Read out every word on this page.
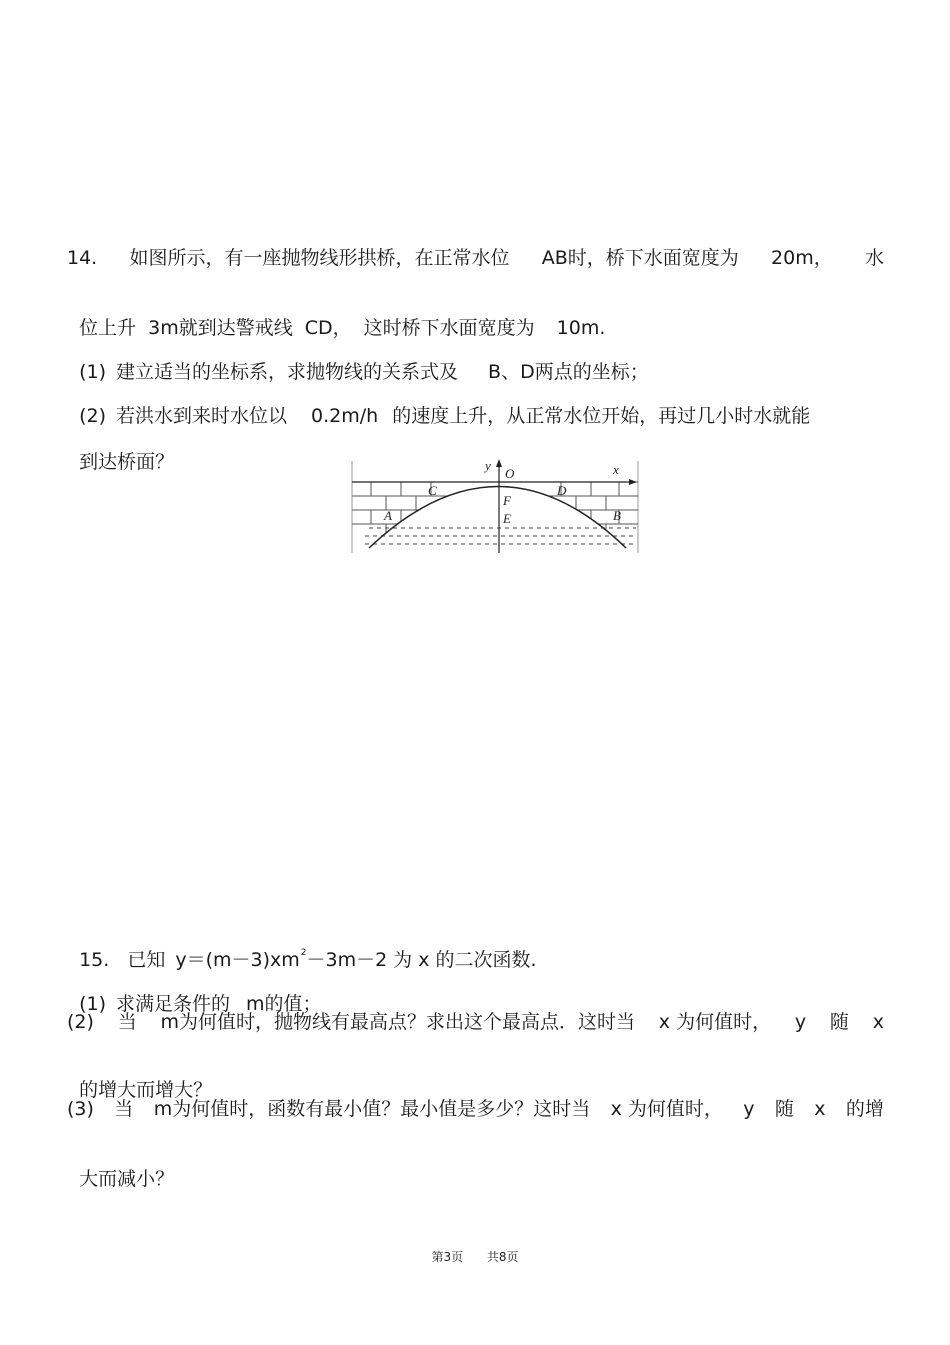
14. 如图所示，有一座抛物线形拱桥，在正常水位 AB时，桥下水面宽度为 20m， 水

位上升 3m就到达警戒线 CD， 这时桥下水面宽度为 10m.

(1) 建立适当的坐标系，求抛物线的关系式及 B、D两点的坐标；

(2) 若洪水到来时水位以 0.2m/h 的速度上升，从正常水位开始，再过几小时水就能

到达桥面？	y
O	x
C	D
F
E
A	B

15. 已知 $y=(m-3)xm^2-3m-2$ 为 x 的二次函数.

(1) 求满足条件的 m的值；

(2) 当 m为何值时，抛物线有最高点？求出这个最高点．这时当 x 为何值时， y 随 x

的增大而增大？

(3) 当 m为何值时，函数有最小值？最小值是多少？这时当 x 为何值时， y 随 x 的增

大而减小？

第3页 共8页
